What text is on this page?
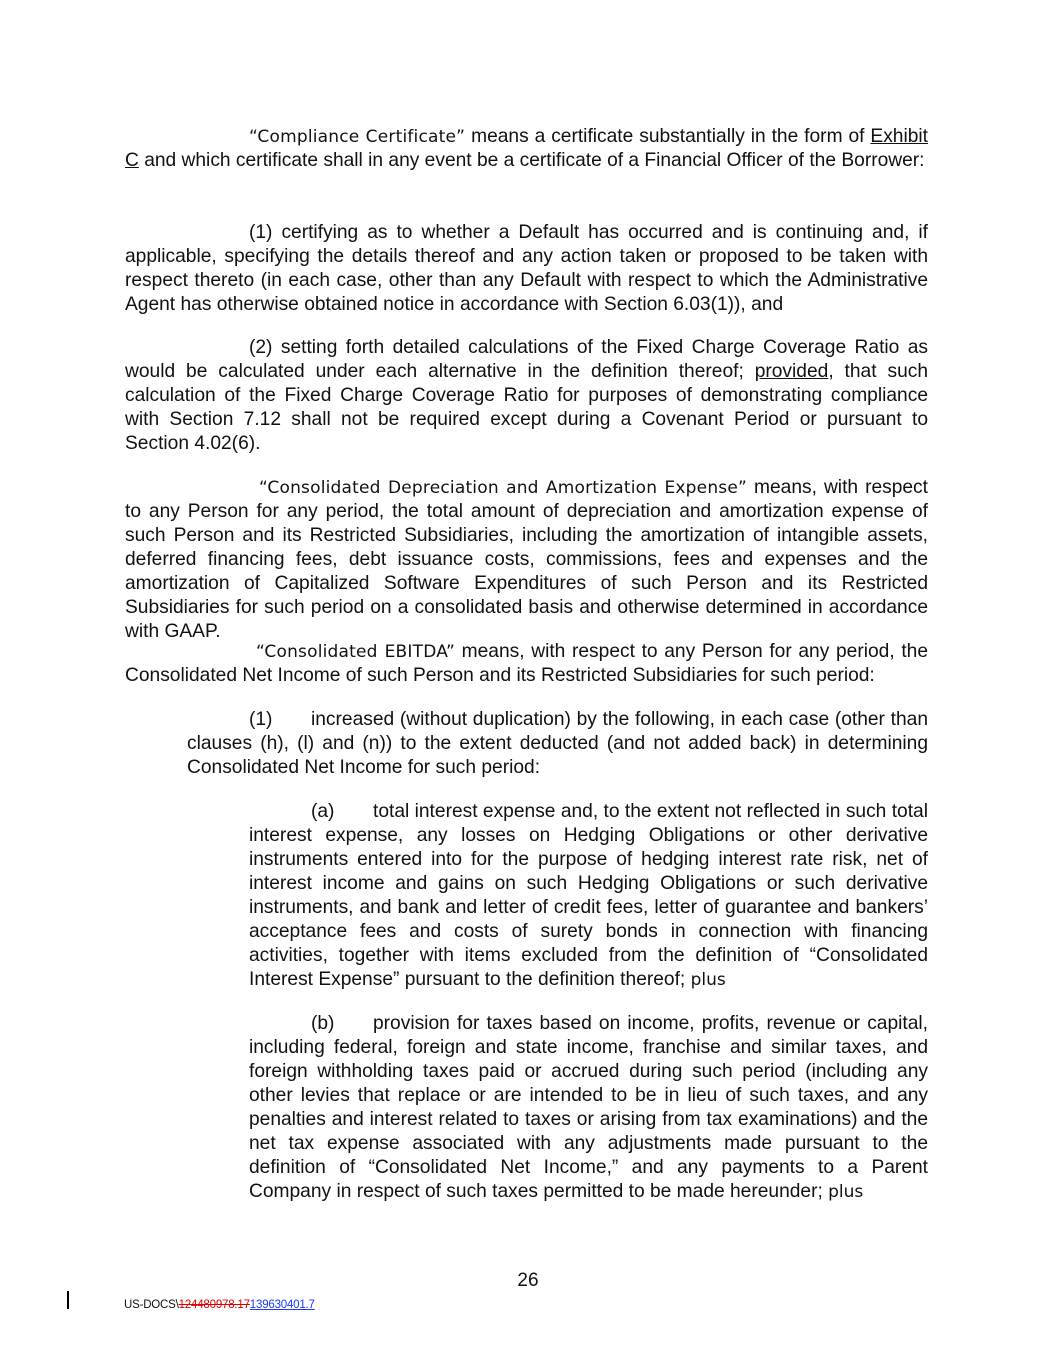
“Compliance Certificate” means a certificate substantially in the form of Exhibit C and which certificate shall in any event be a certificate of a Financial Officer of the Borrower:

(1) certifying as to whether a Default has occurred and is continuing and, if applicable, specifying the details thereof and any action taken or proposed to be taken with respect thereto (in each case, other than any Default with respect to which the Administrative Agent has otherwise obtained notice in accordance with Section 6.03(1)), and

(2) setting forth detailed calculations of the Fixed Charge Coverage Ratio as would be calculated under each alternative in the definition thereof; provided, that such calculation of the Fixed Charge Coverage Ratio for purposes of demonstrating compliance with Section 7.12 shall not be required except during a Covenant Period or pursuant to Section 4.02(6).

“Consolidated Depreciation and Amortization Expense” means, with respect to any Person for any period, the total amount of depreciation and amortization expense of such Person and its Restricted Subsidiaries, including the amortization of intangible assets, deferred financing fees, debt issuance costs, commissions, fees and expenses and the amortization of Capitalized Software Expenditures of such Person and its Restricted Subsidiaries for such period on a consolidated basis and otherwise determined in accordance with GAAP.

“Consolidated EBITDA” means, with respect to any Person for any period, the Consolidated Net Income of such Person and its Restricted Subsidiaries for such period:

(1) increased (without duplication) by the following, in each case (other than clauses (h), (l) and (n)) to the extent deducted (and not added back) in determining Consolidated Net Income for such period:

(a) total interest expense and, to the extent not reflected in such total interest expense, any losses on Hedging Obligations or other derivative instruments entered into for the purpose of hedging interest rate risk, net of interest income and gains on such Hedging Obligations or such derivative instruments, and bank and letter of credit fees, letter of guarantee and bankers’ acceptance fees and costs of surety bonds in connection with financing activities, together with items excluded from the definition of “Consolidated Interest Expense” pursuant to the definition thereof; plus

(b) provision for taxes based on income, profits, revenue or capital, including federal, foreign and state income, franchise and similar taxes, and foreign withholding taxes paid or accrued during such period (including any other levies that replace or are intended to be in lieu of such taxes, and any penalties and interest related to taxes or arising from tax examinations) and the net tax expense associated with any adjustments made pursuant to the definition of “Consolidated Net Income,” and any payments to a Parent Company in respect of such taxes permitted to be made hereunder; plus

26
US-DOCS\124480978.17139630401.7
